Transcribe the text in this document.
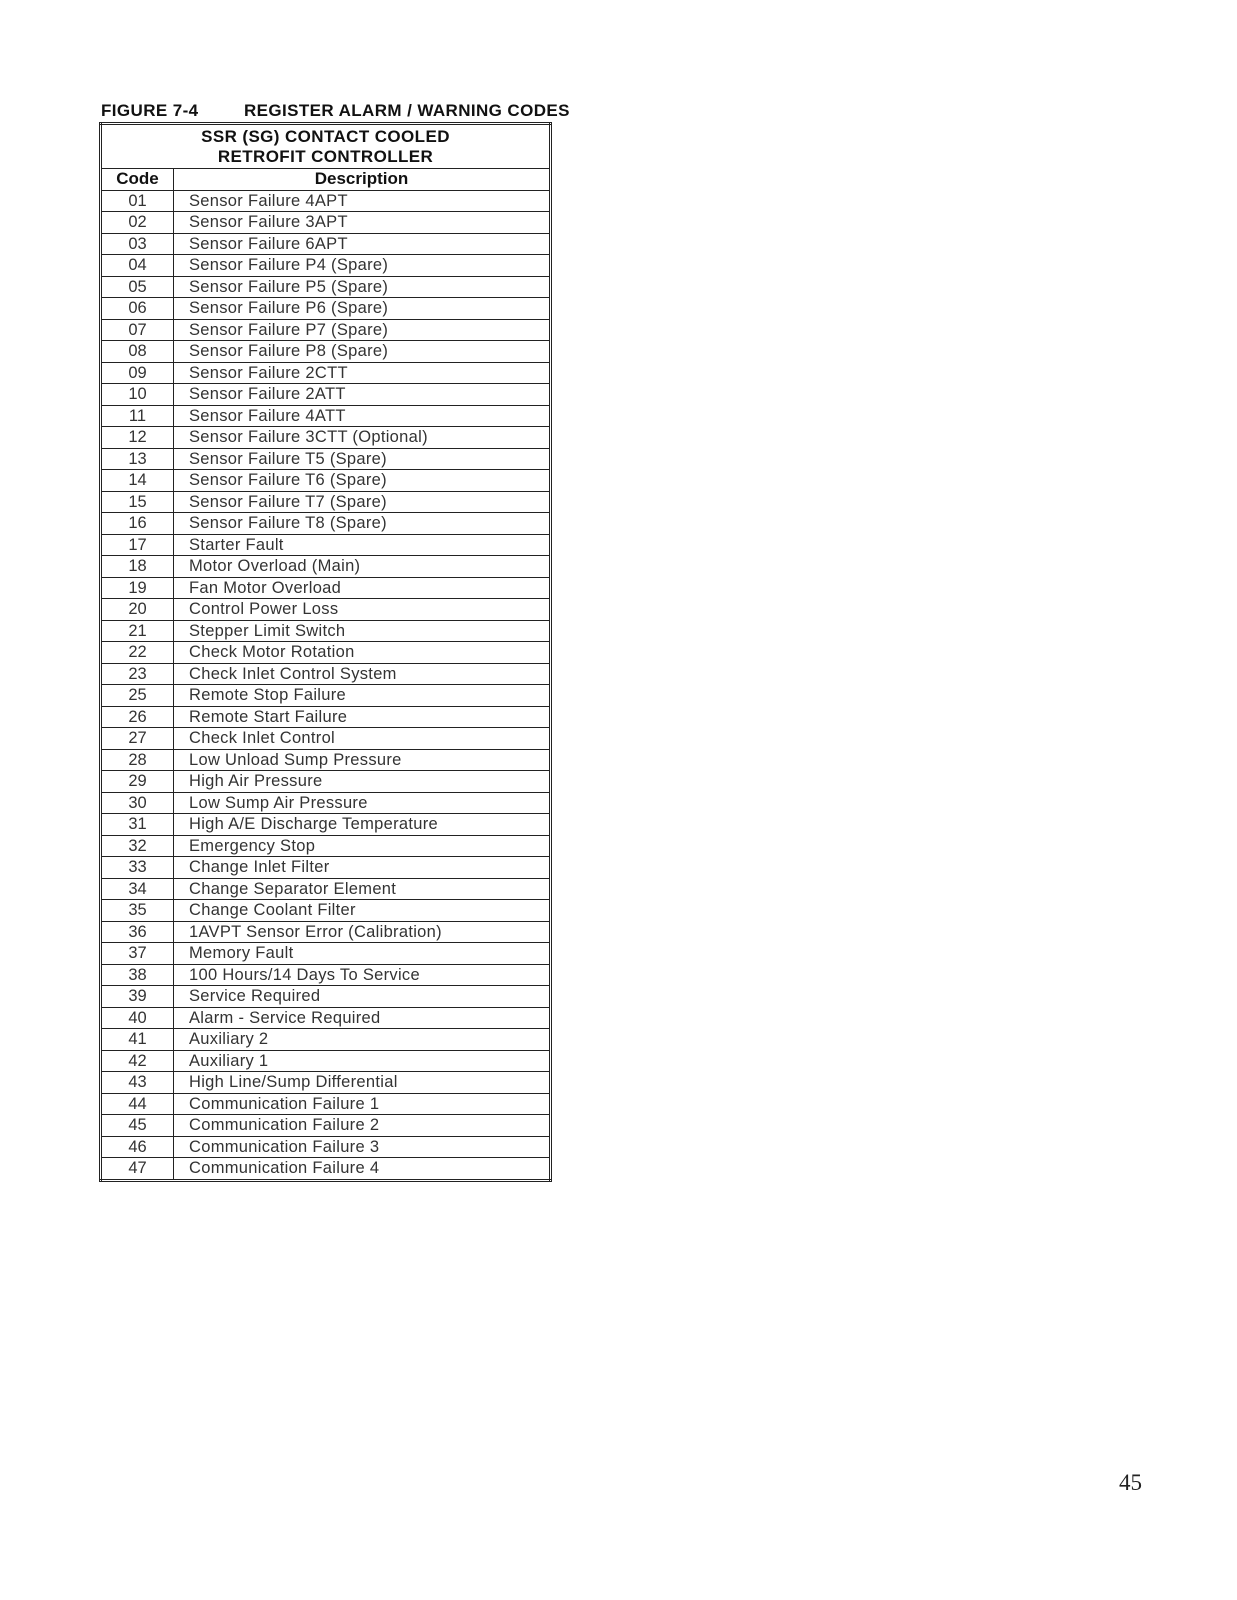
FIGURE 7-4	REGISTER ALARM / WARNING CODES
SSR (SG) CONTACT COOLED
RETROFIT CONTROLLER	

Code	Description
01	Sensor Failure 4APT
02	Sensor Failure 3APT
03	Sensor Failure 6APT
04	Sensor Failure P4 (Spare)
05	Sensor Failure P5 (Spare)
06	Sensor Failure P6 (Spare)
07	Sensor Failure P7 (Spare)
08	Sensor Failure P8 (Spare)
09	Sensor Failure 2CTT
10	Sensor Failure 2ATT
11	Sensor Failure 4ATT
12	Sensor Failure 3CTT (Optional)
13	Sensor Failure T5 (Spare)
14	Sensor Failure T6 (Spare)
15	Sensor Failure T7 (Spare)
16	Sensor Failure T8 (Spare)
17	Starter Fault
18	Motor Overload (Main)
19	Fan Motor Overload
20	Control Power Loss
21	Stepper Limit Switch
22	Check Motor Rotation
23	Check Inlet Control System
25	Remote Stop Failure
26	Remote Start Failure
27	Check Inlet Control
28	Low Unload Sump Pressure
29	High Air Pressure
30	Low Sump Air Pressure
31	High A/E Discharge Temperature
32	Emergency Stop
33	Change Inlet Filter
34	Change Separator Element
35	Change Coolant Filter
36	1AVPT Sensor Error (Calibration)
37	Memory Fault
38	100 Hours/14 Days To Service
39	Service Required
40	Alarm - Service Required
41	Auxiliary 2
42	Auxiliary 1
43	High Line/Sump Differential
44	Communication Failure 1
45	Communication Failure 2
46	Communication Failure 3
47	Communication Failure 4
45
